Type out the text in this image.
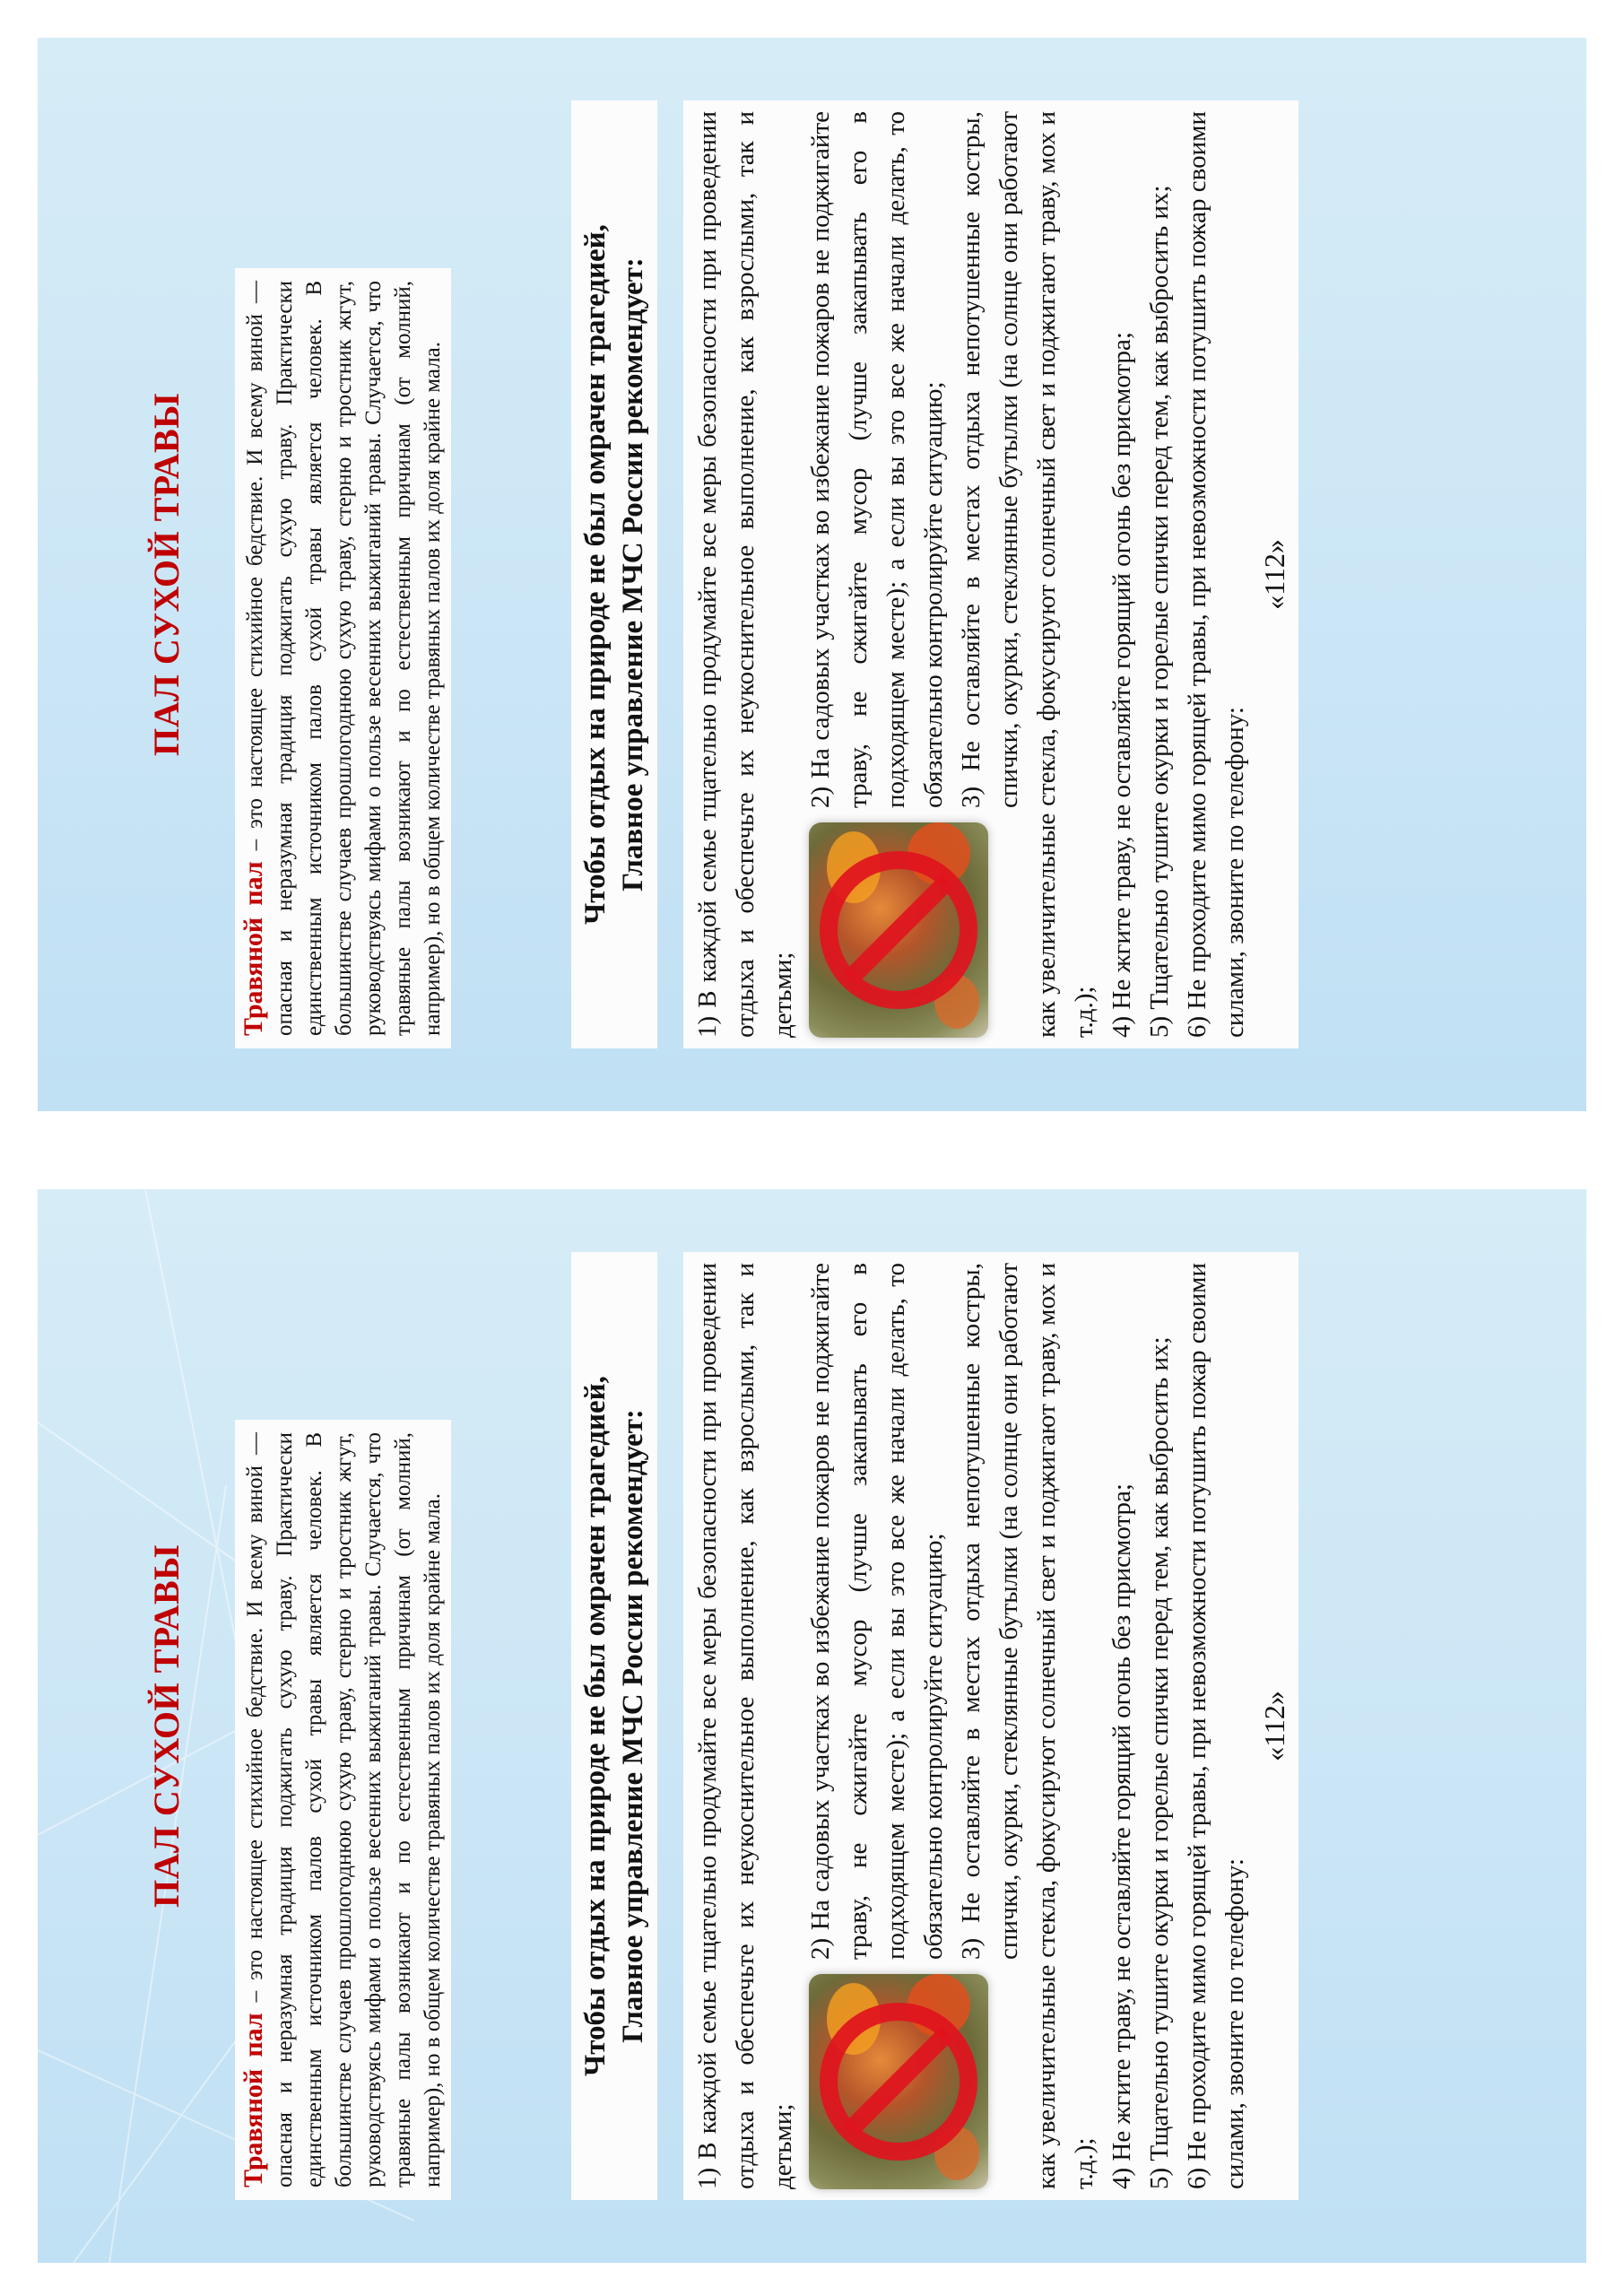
ПАЛ СУХОЙ ТРАВЫ
Травяной пал – это настоящее стихийное бедствие. И всему виной — опасная и неразумная традиция поджигать сухую траву. Практически единственным источником палов сухой травы является человек. В большинстве случаев прошлогоднюю сухую траву, стерню и тростник жгут, руководствуясь мифами о пользе весенних выжиганий травы. Случается, что травяные палы возникают и по естественным причинам (от молний, например), но в общем количестве травяных палов их доля крайне мала.	Чтобы отдых на природе не был омрачен трагедией, Главное управление МЧС России рекомендует: 1) В каждой семье тщательно продумайте все меры безопасности при проведении отдыха и обеспечьте их неукоснительное выполнение, как взрослыми, так и детьми;

2) На садовых участках во избежание пожаров не поджигайте траву, не сжигайте мусор (лучше закапывать его в подходящем месте); а если вы это все же начали делать, то обязательно контролируйте ситуацию; 3) Не оставляйте в местах отдыха непотушенные костры, спички, окурки, стеклянные бутылки (на солнце они работают как увеличительные стекла, фокусируют солнечный свет и поджигают траву, мох и т.д.); 4) Не жгите траву, не оставляйте горящий огонь без присмотра; 5) Тщательно тушите окурки и горелые спички перед тем, как выбросить их; 6) Не проходите мимо горящей травы, при невозможности потушить пожар своими силами, звоните по телефону:

«112»
ПАЛ СУХОЙ ТРАВЫ
Травяной пал – это настоящее стихийное бедствие. И всему виной — опасная и неразумная традиция поджигать сухую траву. Практически единственным источником палов сухой травы является человек. В большинстве случаев прошлогоднюю сухую траву, стерню и тростник жгут, руководствуясь мифами о пользе весенних выжиганий травы. Случается, что травяные палы возникают и по естественным причинам (от молний, например), но в общем количестве травяных палов их доля крайне мала.	Чтобы отдых на природе не был омрачен трагедией, Главное управление МЧС России рекомендует: 1) В каждой семье тщательно продумайте все меры безопасности при проведении отдыха и обеспечьте их неукоснительное выполнение, как взрослыми, так и детьми;

2) На садовых участках во избежание пожаров не поджигайте траву, не сжигайте мусор (лучше закапывать его в подходящем месте); а если вы это все же начали делать, то обязательно контролируйте ситуацию; 3) Не оставляйте в местах отдыха непотушенные костры, спички, окурки, стеклянные бутылки (на солнце они работают как увеличительные стекла, фокусируют солнечный свет и поджигают траву, мох и т.д.); 4) Не жгите траву, не оставляйте горящий огонь без присмотра; 5) Тщательно тушите окурки и горелые спички перед тем, как выбросить их; 6) Не проходите мимо горящей травы, при невозможности потушить пожар своими силами, звоните по телефону:

«112»
